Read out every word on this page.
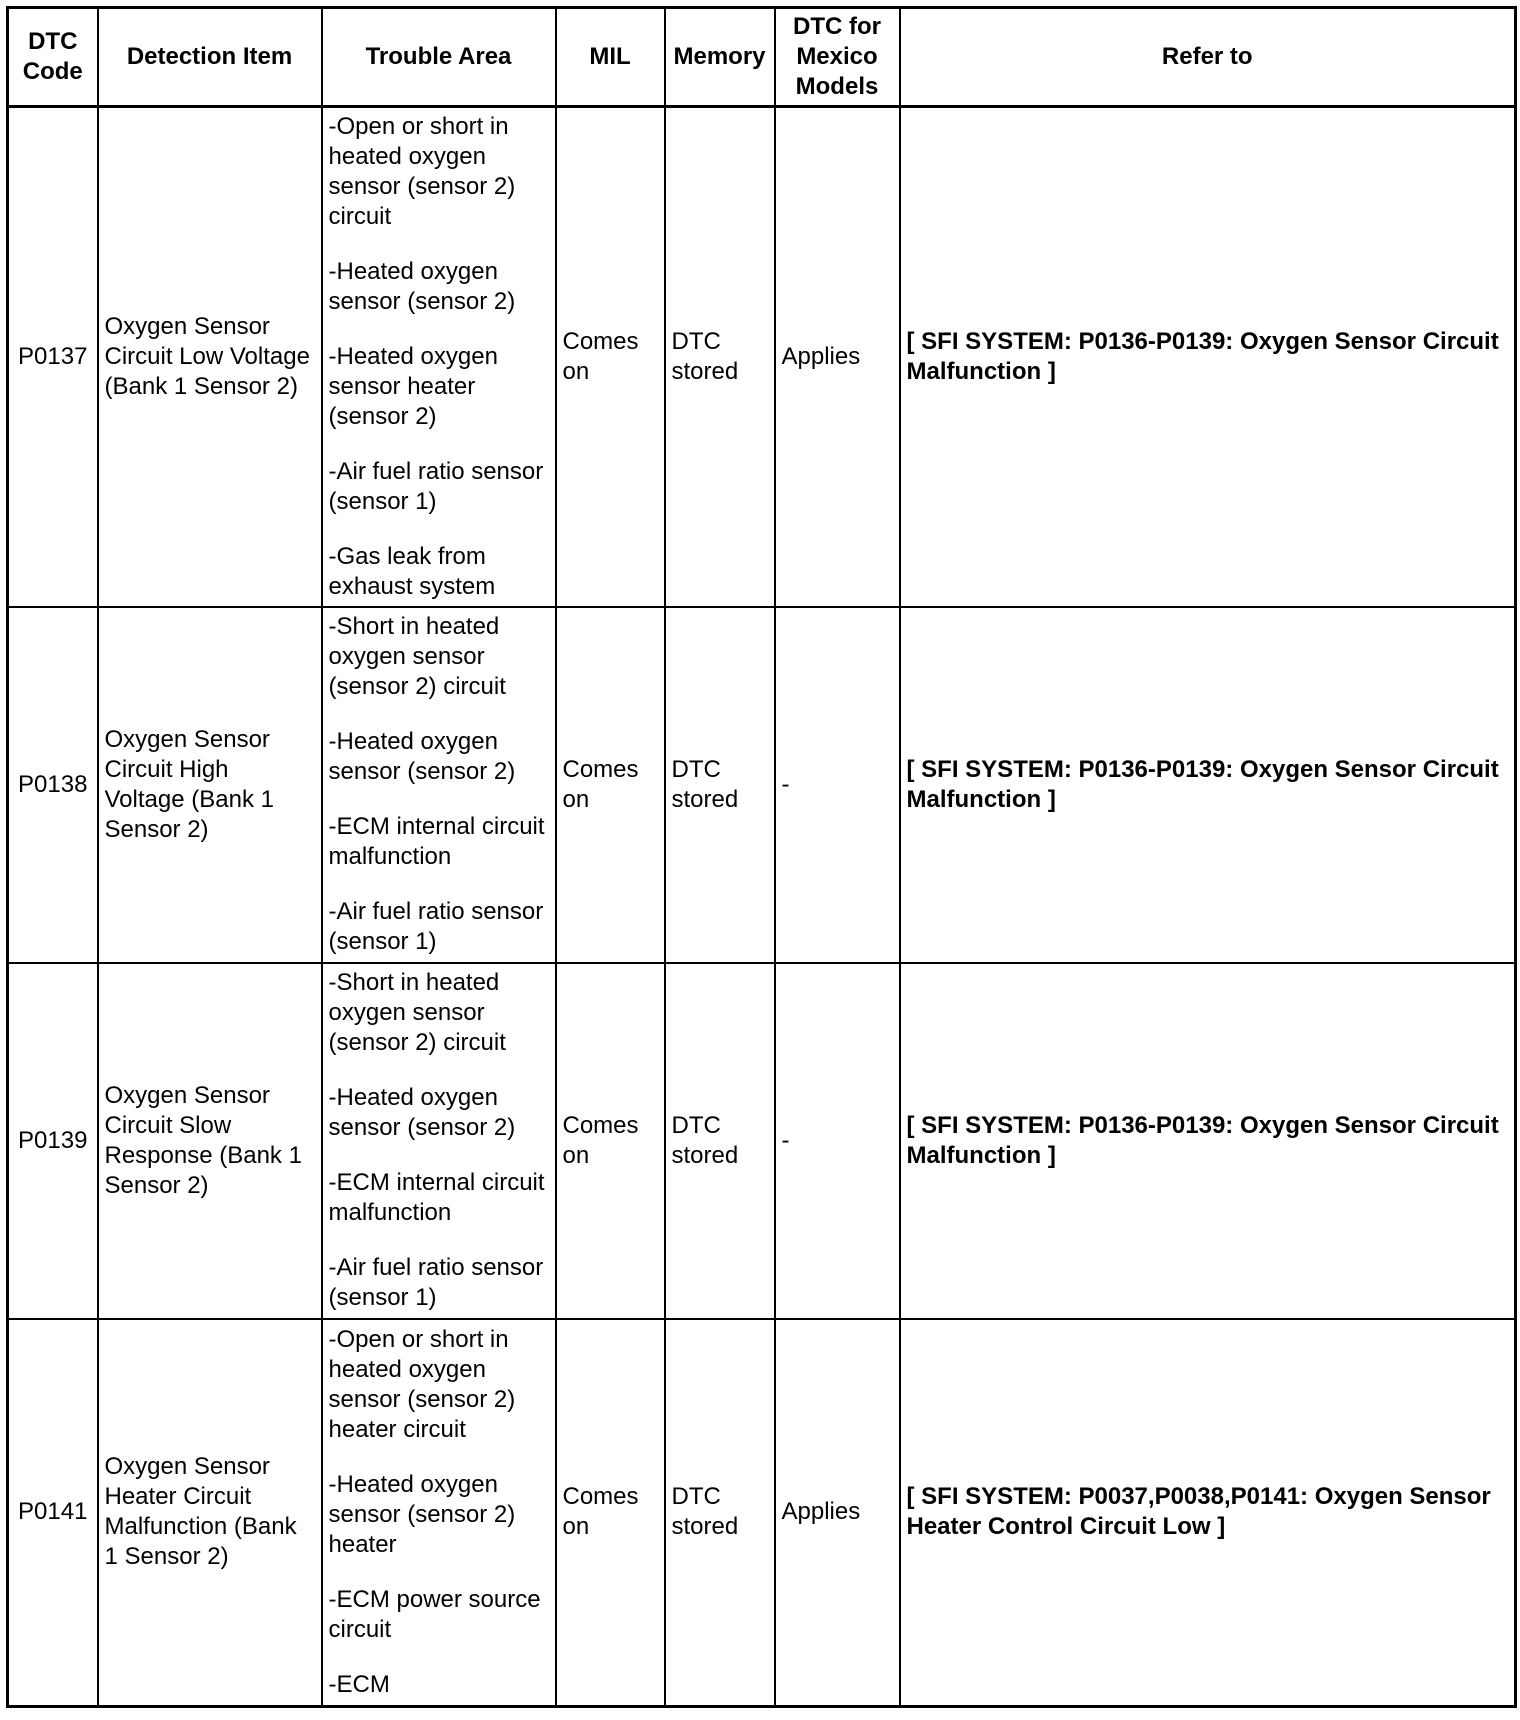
DTC Code	Detection Item	Trouble Area	MIL	Memory	DTC for Mexico Models	Refer to
P0137	Oxygen Sensor Circuit Low Voltage (Bank 1 Sensor 2)	-Open or short in heated oxygen sensor (sensor 2) circuit
-Heated oxygen sensor (sensor 2)
-Heated oxygen sensor heater (sensor 2)
-Air fuel ratio sensor (sensor 1)
-Gas leak from exhaust system	Comes on	DTC stored	Applies	[ SFI SYSTEM: P0136-P0139: Oxygen Sensor Circuit Malfunction ]
P0138	Oxygen Sensor Circuit High Voltage (Bank 1 Sensor 2)	-Short in heated oxygen sensor (sensor 2) circuit
-Heated oxygen sensor (sensor 2)
-ECM internal circuit malfunction
-Air fuel ratio sensor (sensor 1)	Comes on	DTC stored	-	[ SFI SYSTEM: P0136-P0139: Oxygen Sensor Circuit Malfunction ]
P0139	Oxygen Sensor Circuit Slow Response (Bank 1 Sensor 2)	-Short in heated oxygen sensor (sensor 2) circuit
-Heated oxygen sensor (sensor 2)
-ECM internal circuit malfunction
-Air fuel ratio sensor (sensor 1)	Comes on	DTC stored	-	[ SFI SYSTEM: P0136-P0139: Oxygen Sensor Circuit Malfunction ]
P0141	Oxygen Sensor Heater Circuit Malfunction (Bank 1 Sensor 2)	-Open or short in heated oxygen sensor (sensor 2) heater circuit
-Heated oxygen sensor (sensor 2) heater
-ECM power source circuit
-ECM	Comes on	DTC stored	Applies	[ SFI SYSTEM: P0037,P0038,P0141: Oxygen Sensor Heater Control Circuit Low ]
